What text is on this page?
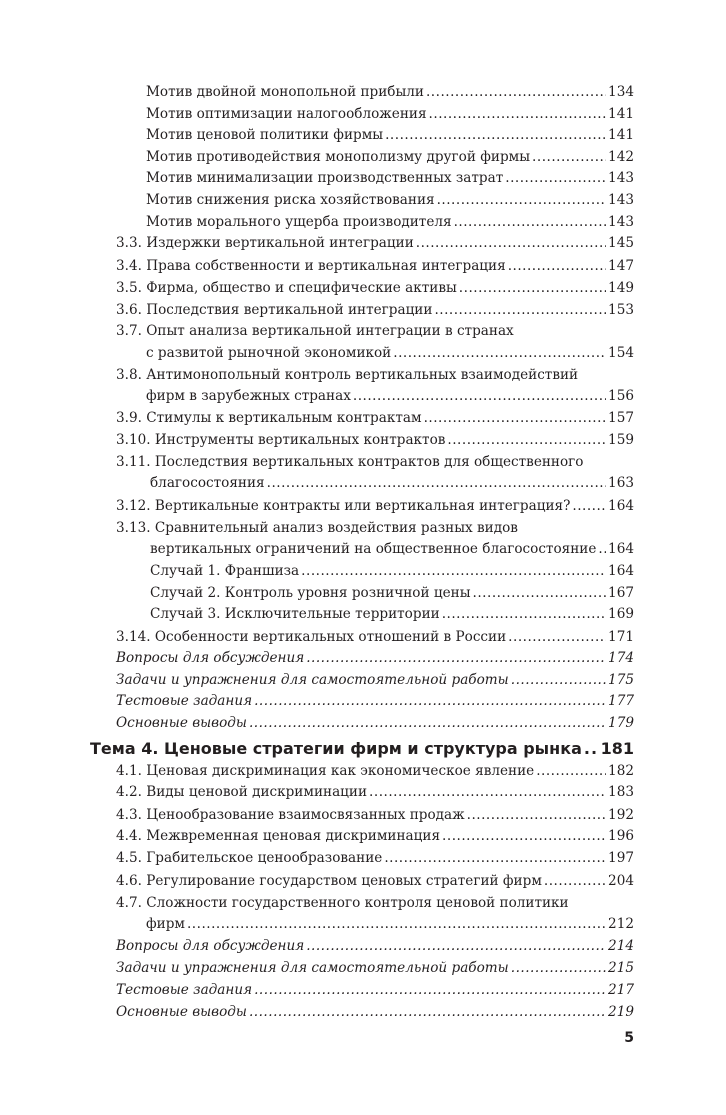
Мотив двойной монопольной прибыли .....	134
Мотив оптимизации налогообложения .....	141
Мотив ценовой политики фирмы .....	141
Мотив противодействия монополизму другой фирмы .....	142
Мотив минимализации производственных затрат .....	143
Мотив снижения риска хозяйствования .....	143
Мотив морального ущерба производителя .....	143
3.3. Издержки вертикальной интеграции .....	145
3.4. Права собственности и вертикальная интеграция .....	147
3.5. Фирма, общество и специфические активы .....	149
3.6. Последствия вертикальной интеграции .....	153
3.7. Опыт анализа вертикальной интеграции в странах
с развитой рыночной экономикой .....	154
3.8. Антимонопольный контроль вертикальных взаимодействий
фирм в зарубежных странах .....	156
3.9. Стимулы к вертикальным контрактам .....	157
3.10. Инструменты вертикальных контрактов .....	159
3.11. Последствия вертикальных контрактов для общественного
благосостояния .....	163
3.12. Вертикальные контракты или вертикальная интеграция? .....	164
3.13. Сравнительный анализ воздействия разных видов
вертикальных ограничений на общественное благосостояние ..... 164
Случай 1. Франшиза .....	164
Случай 2. Контроль уровня розничной цены .....	167
Случай 3. Исключительные территории .....	169
3.14. Особенности вертикальных отношений в России .....	171
Вопросы для обсуждения .....	174
Задачи и упражнения для самостоятельной работы .....	175
Тестовые задания .....	177
Основные выводы .....	179
Тема 4. Ценовые стратегии фирм и структура рынка ..... 181
4.1. Ценовая дискриминация как экономическое явление .....	182
4.2. Виды ценовой дискриминации .....	183
4.3. Ценообразование взаимосвязанных продаж .....	192
4.4. Межвременная ценовая дискриминация .....	196
4.5. Грабительское ценообразование .....	197
4.6. Регулирование государством ценовых стратегий фирм .....	204
4.7. Сложности государственного контроля ценовой политики
фирм .....	212
Вопросы для обсуждения .....	214
Задачи и упражнения для самостоятельной работы .....	215
Тестовые задания .....	217
Основные выводы .....	219
5
